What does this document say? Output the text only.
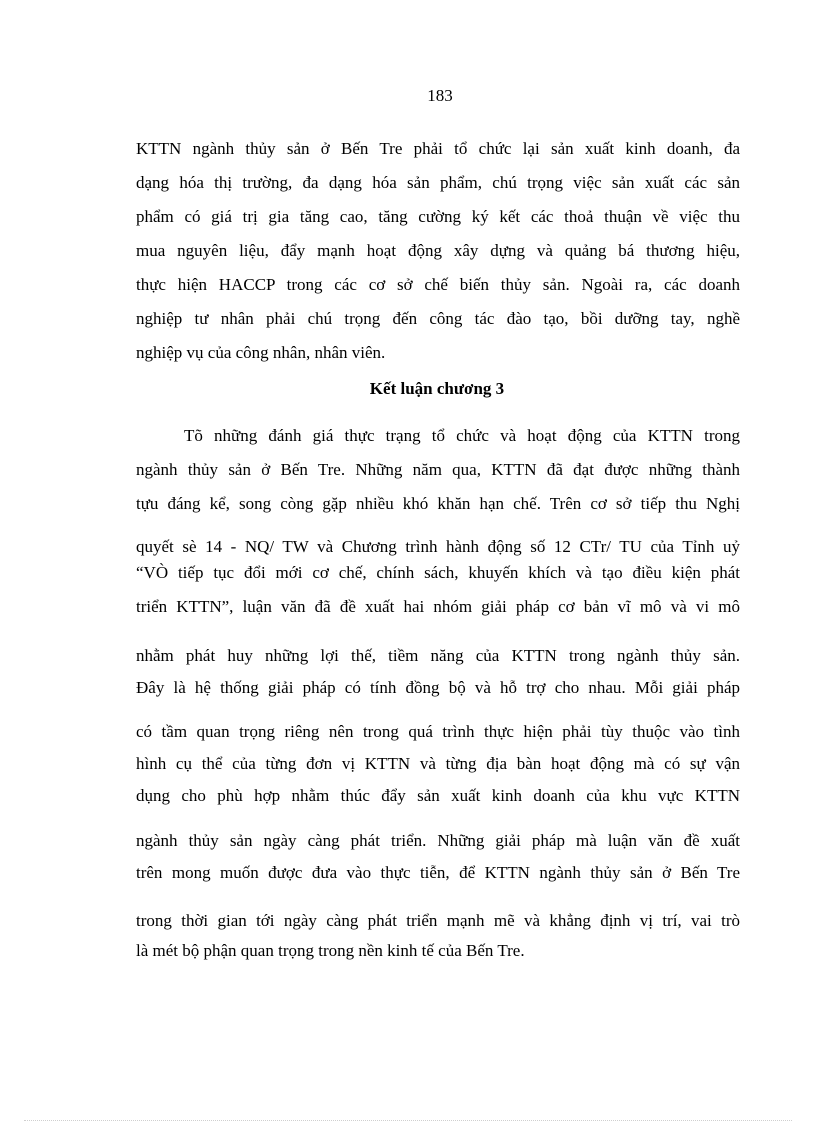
183
KTTN ngành thủy sản ở Bến Tre phải tổ chức lại sản xuất kinh doanh, đa
dạng hóa thị trường, đa dạng hóa sản phẩm, chú trọng việc sản xuất các sản
phẩm có giá trị gia tăng cao, tăng cường ký kết các thoả thuận về việc thu
mua nguyên liệu, đẩy mạnh hoạt động xây dựng và quảng bá thương hiệu,
thực hiện HACCP trong các cơ sở chế biến thủy sản. Ngoài ra, các doanh
nghiệp tư nhân phải chú trọng đến công tác đào tạo, bồi dưỡng tay, nghề
nghiệp vụ của công nhân, nhân viên.
Kết luận chương 3
Tõ những đánh giá thực trạng tổ chức và hoạt động của KTTN trong
ngành thủy sản ở Bến Tre. Những năm qua, KTTN đã đạt được những thành
tựu đáng kể, song còng gặp nhiều khó khăn hạn chế. Trên cơ sở tiếp thu Nghị
quyết sè 14 - NQ/ TW và Chương trình hành động số 12 CTr/ TU của Tỉnh uỷ
“VÒ tiếp tục đổi mới cơ chế, chính sách, khuyến khích và tạo điều kiện phát
triển KTTN”, luận văn đã đề xuất hai nhóm giải pháp cơ bản vĩ mô và vi mô
nhằm phát huy những lợi thế, tiềm năng của KTTN trong ngành thủy sản.
Đây là hệ thống giải pháp có tính đồng bộ và hỗ trợ cho nhau. Mỗi giải pháp
có tầm quan trọng riêng nên trong quá trình thực hiện phải tùy thuộc vào tình
hình cụ thể của từng đơn vị KTTN và từng địa bàn hoạt động mà có sự vận
dụng cho phù hợp nhằm thúc đẩy sản xuất kinh doanh của khu vực KTTN
ngành thủy sản ngày càng phát triển. Những giải pháp mà luận văn đề xuất
trên mong muốn được đưa vào thực tiễn, để KTTN ngành thủy sản ở Bến Tre
trong thời gian tới ngày càng phát triển mạnh mẽ và khẳng định vị trí, vai trò
là mét bộ phận quan trọng trong nền kinh tế của Bến Tre.
